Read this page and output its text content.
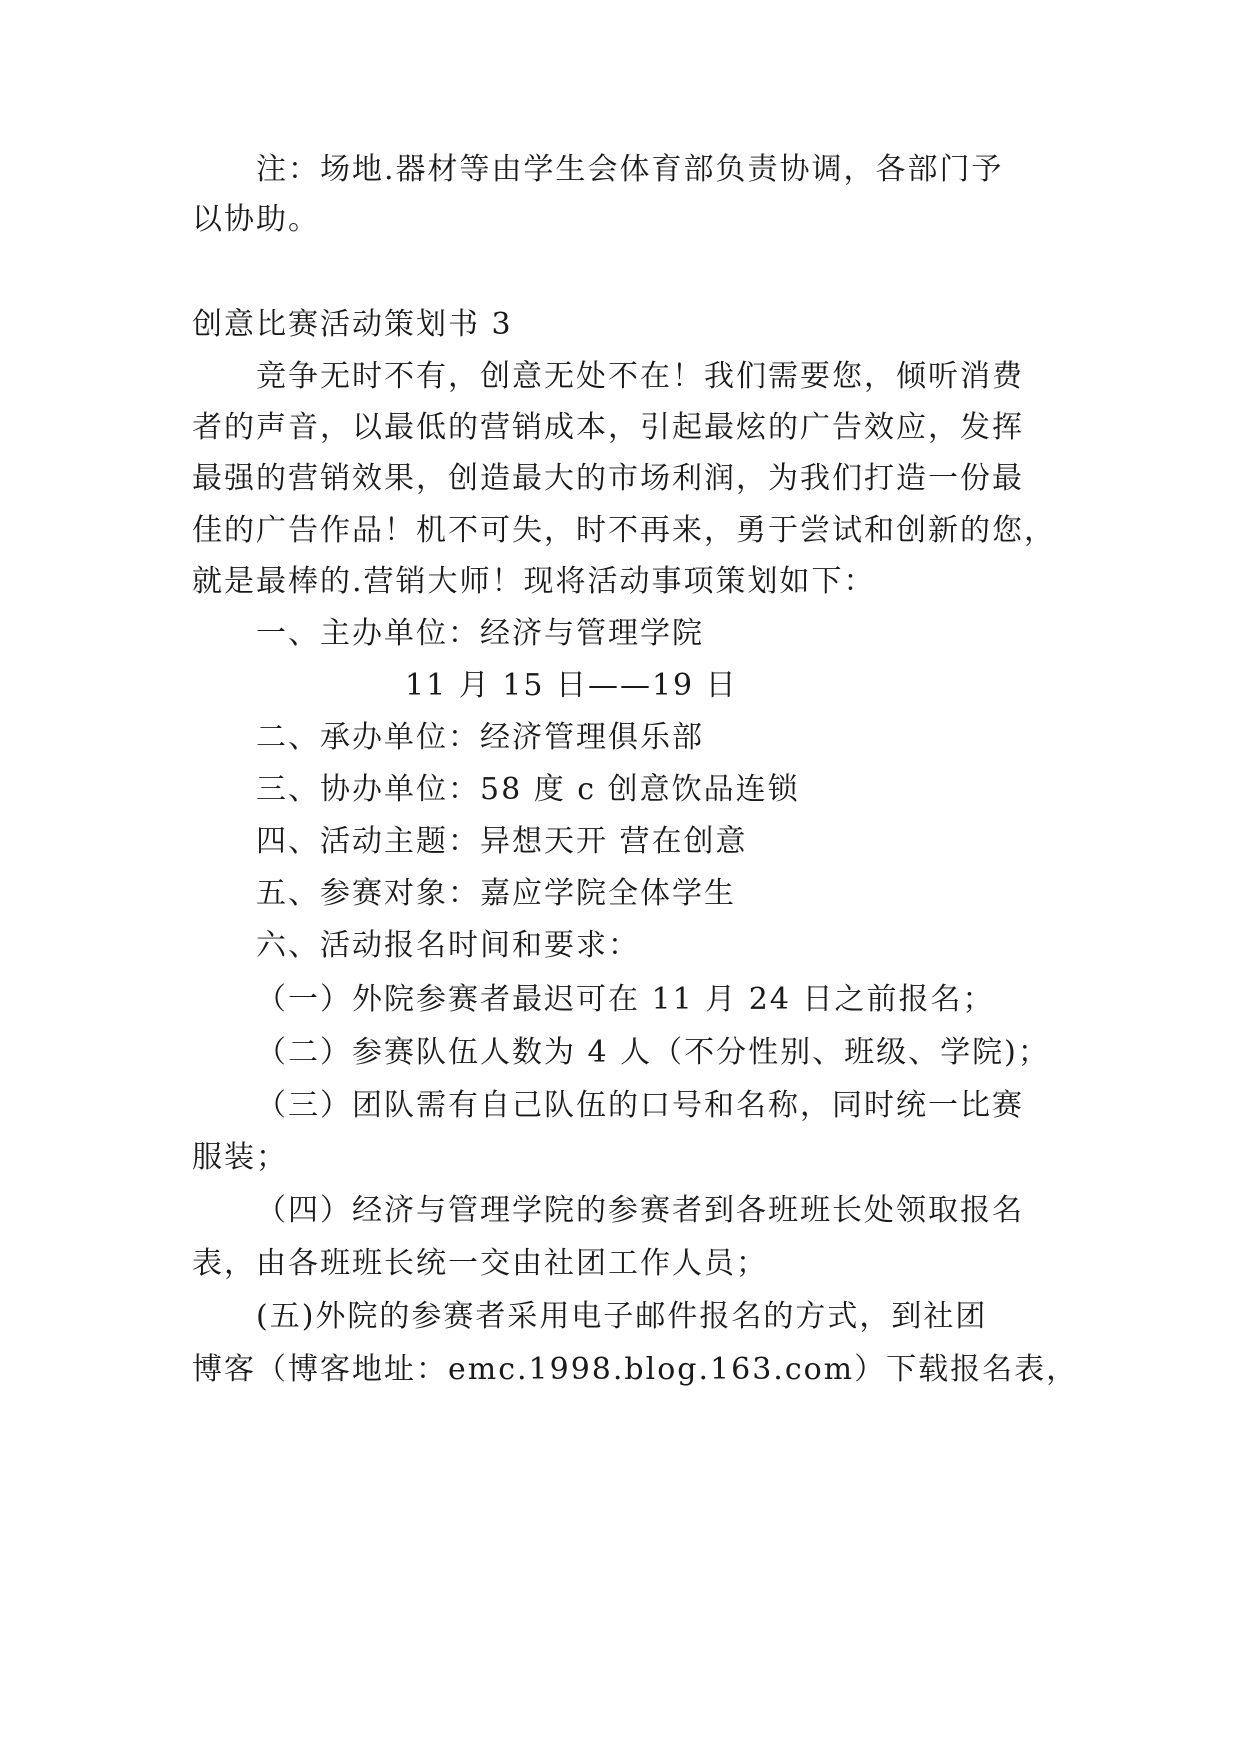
注：场地.器材等由学生会体育部负责协调，各部门予
以协助。
创意比赛活动策划书 3
竞争无时不有，创意无处不在！我们需要您，倾听消费
者的声音，以最低的营销成本，引起最炫的广告效应，发挥
最强的营销效果，创造最大的市场利润，为我们打造一份最
佳的广告作品！机不可失，时不再来，勇于尝试和创新的您，
就是最棒的.营销大师！现将活动事项策划如下：
一、主办单位：经济与管理学院
11 月 15 日——19 日
二、承办单位：经济管理俱乐部
三、协办单位：58 度 c 创意饮品连锁
四、活动主题：异想天开 营在创意
五、参赛对象：嘉应学院全体学生
六、活动报名时间和要求：
（一）外院参赛者最迟可在 11 月 24 日之前报名；
（二）参赛队伍人数为 4 人（不分性别、班级、学院)；
（三）团队需有自己队伍的口号和名称，同时统一比赛
服装；
（四）经济与管理学院的参赛者到各班班长处领取报名
表，由各班班长统一交由社团工作人员；
(五)外院的参赛者采用电子邮件报名的方式，到社团
博客（博客地址：emc.1998.blog.163.com）下载报名表，
